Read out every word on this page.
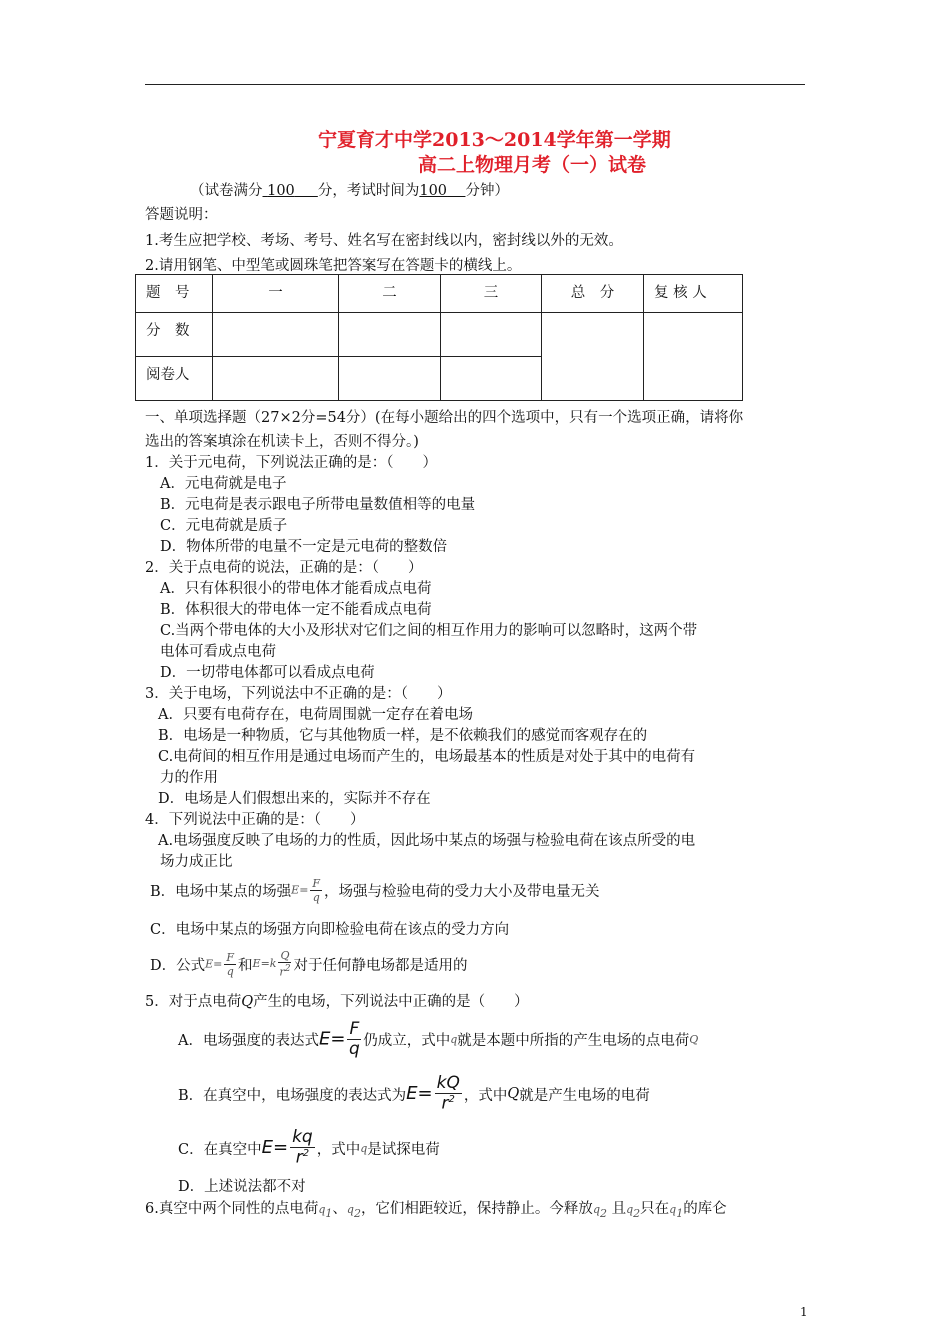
宁夏育才中学2013～2014学年第一学期
高二上物理月考（一）试卷
（试卷满分 100 分，考试时间为100 分钟）
答题说明：
1.考生应把学校、考场、考号、姓名写在密封线以内，密封线以外的无效。
2.请用钢笔、中型笔或圆珠笔把答案写在答题卡的横线上。
题　号	一	二	三	总　分	复 核 人
分　数					
阅卷人					
一、单项选择题（27×2分=54分）(在每小题给出的四个选项中，只有一个选项正确，请将你
选出的答案填涂在机读卡上，否则不得分。)
1．关于元电荷，下列说法正确的是：（　　）
A．元电荷就是电子
B．元电荷是表示跟电子所带电量数值相等的电量
C．元电荷就是质子
D．物体所带的电量不一定是元电荷的整数倍
2．关于点电荷的说法，正确的是：（　　）
A．只有体积很小的带电体才能看成点电荷
B．体积很大的带电体一定不能看成点电荷
C.当两个带电体的大小及形状对它们之间的相互作用力的影响可以忽略时，这两个带
电体可看成点电荷
D．一切带电体都可以看成点电荷
3．关于电场，下列说法中不正确的是：（　　）
A．只要有电荷存在，电荷周围就一定存在着电场
B．电场是一种物质，它与其他物质一样，是不依赖我们的感觉而客观存在的
C.电荷间的相互作用是通过电场而产生的，电场最基本的性质是对处于其中的电荷有
力的作用
D．电场是人们假想出来的，实际并不存在
4．下列说法中正确的是：（　　）
A.电场强度反映了电场的力的性质，因此场中某点的场强与检验电荷在该点所受的电
场力成正比
B．电场中某点的场强 $E= \frac{F}{q}$ ，场强与检验电荷的受力大小及带电量无关
C．电场中某点的场强方向即检验电荷在该点的受力方向
D．公式 $E= \frac{F}{q}$ 和 $E=k \frac{Q}{r^2}$ 对于任何静电场都是适用的
5．对于点电荷Q产生的电场，下列说法中正确的是（　　）
A．电场强度的表达式 $E= \frac{F}{q}$ 仍成立，式中 q 就是本题中所指的产生电场的点电荷 Q
B．在真空中，电场强度的表达式为 $E= \frac{kQ}{r^2}$ ，式中 Q 就是产生电场的电荷
C．在真空中 $E= \frac{kq}{r^2}$ ，式中 q 是试探电荷
D．上述说法都不对
6.真空中两个同性的点电荷$q_1$、$q_2$，它们相距较近，保持静止。今释放$q_2$ 且$q_2$只在$q_1$的库仑
1
